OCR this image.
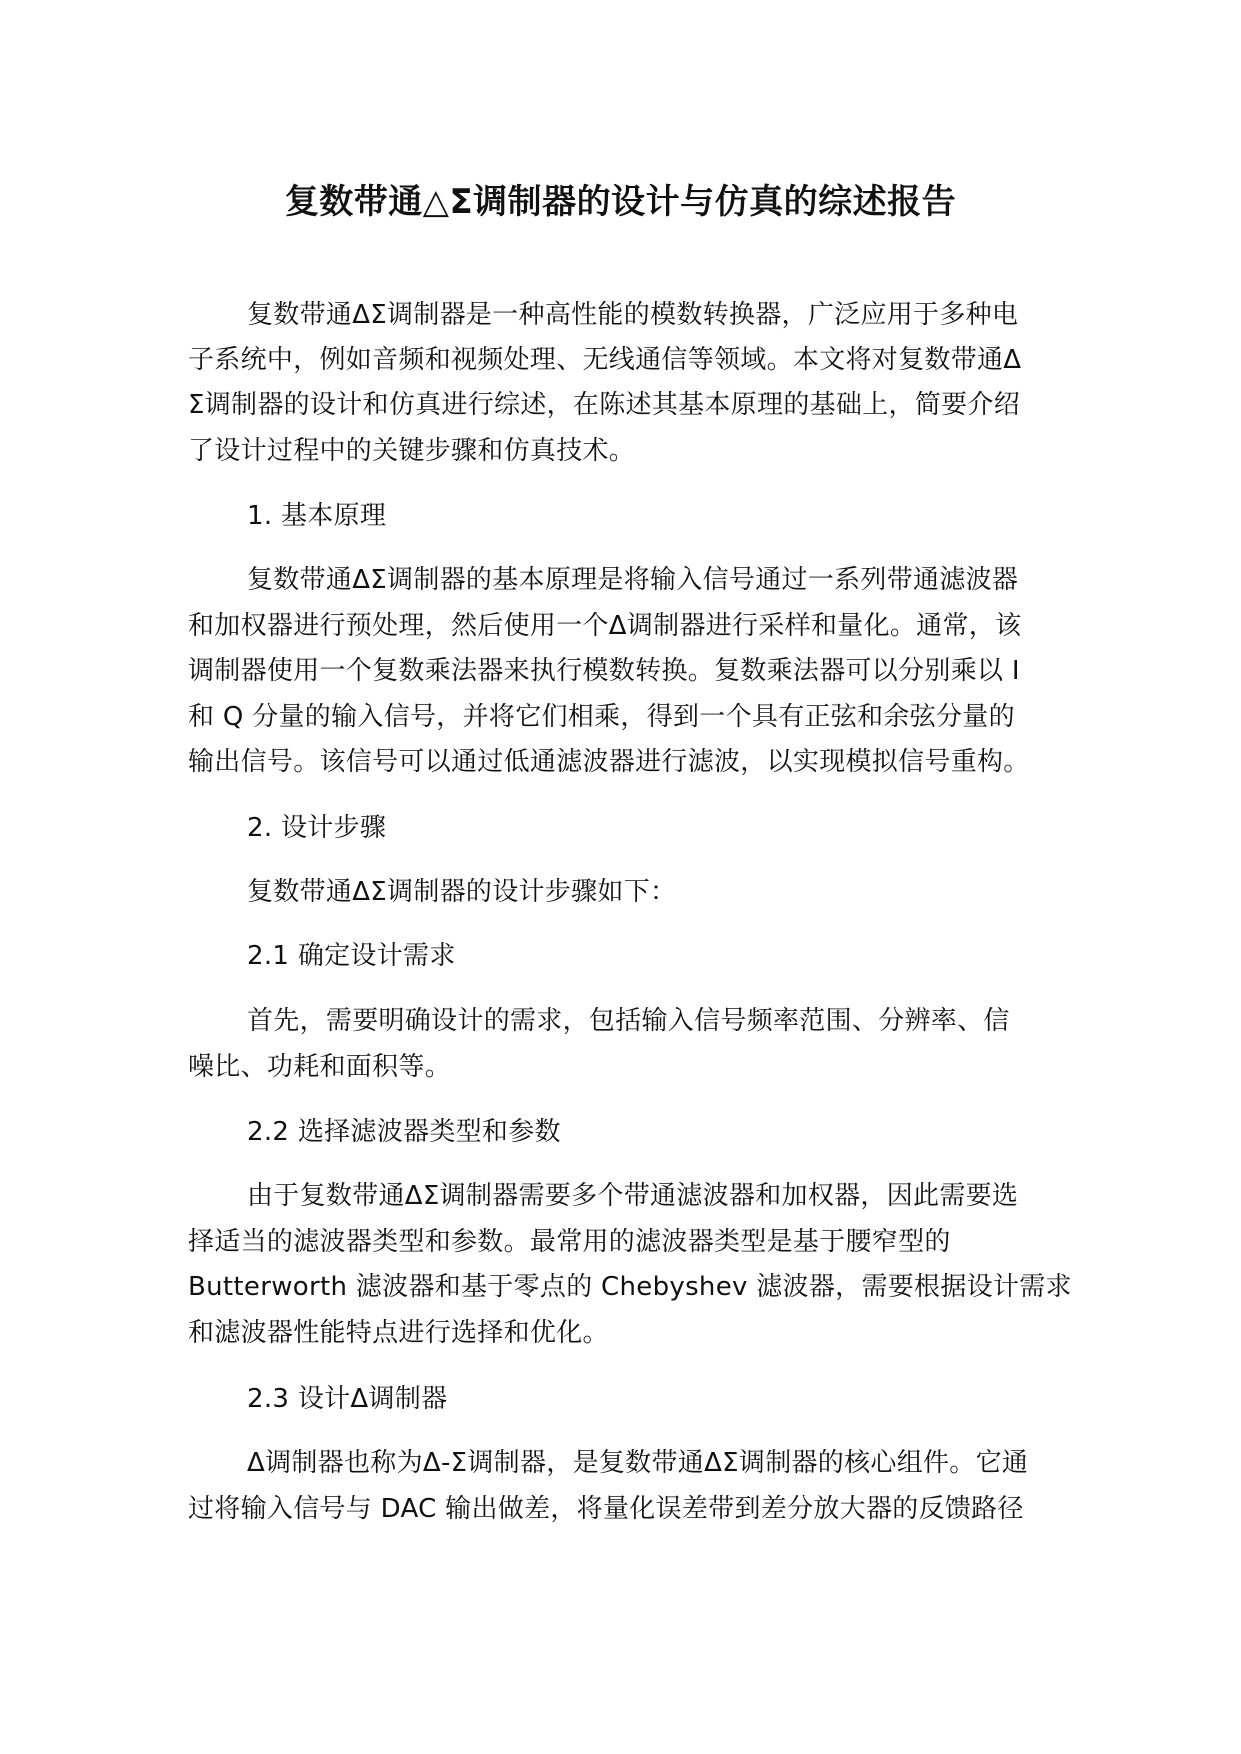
复数带通△Σ调制器的设计与仿真的综述报告

复数带通ΔΣ调制器是一种高性能的模数转换器，广泛应用于多种电

子系统中，例如音频和视频处理、无线通信等领域。本文将对复数带通Δ

Σ调制器的设计和仿真进行综述，在陈述其基本原理的基础上，简要介绍

了设计过程中的关键步骤和仿真技术。

1. 基本原理

复数带通ΔΣ调制器的基本原理是将输入信号通过一系列带通滤波器

和加权器进行预处理，然后使用一个Δ调制器进行采样和量化。通常，该

调制器使用一个复数乘法器来执行模数转换。复数乘法器可以分别乘以 I

和 Q 分量的输入信号，并将它们相乘，得到一个具有正弦和余弦分量的

输出信号。该信号可以通过低通滤波器进行滤波，以实现模拟信号重构。

2. 设计步骤

复数带通ΔΣ调制器的设计步骤如下：

2.1 确定设计需求

首先，需要明确设计的需求，包括输入信号频率范围、分辨率、信

噪比、功耗和面积等。

2.2 选择滤波器类型和参数

由于复数带通ΔΣ调制器需要多个带通滤波器和加权器，因此需要选

择适当的滤波器类型和参数。最常用的滤波器类型是基于腰窄型的

Butterworth 滤波器和基于零点的 Chebyshev 滤波器，需要根据设计需求

和滤波器性能特点进行选择和优化。

2.3 设计Δ调制器

Δ调制器也称为Δ-Σ调制器，是复数带通ΔΣ调制器的核心组件。它通

过将输入信号与 DAC 输出做差，将量化误差带到差分放大器的反馈路径
